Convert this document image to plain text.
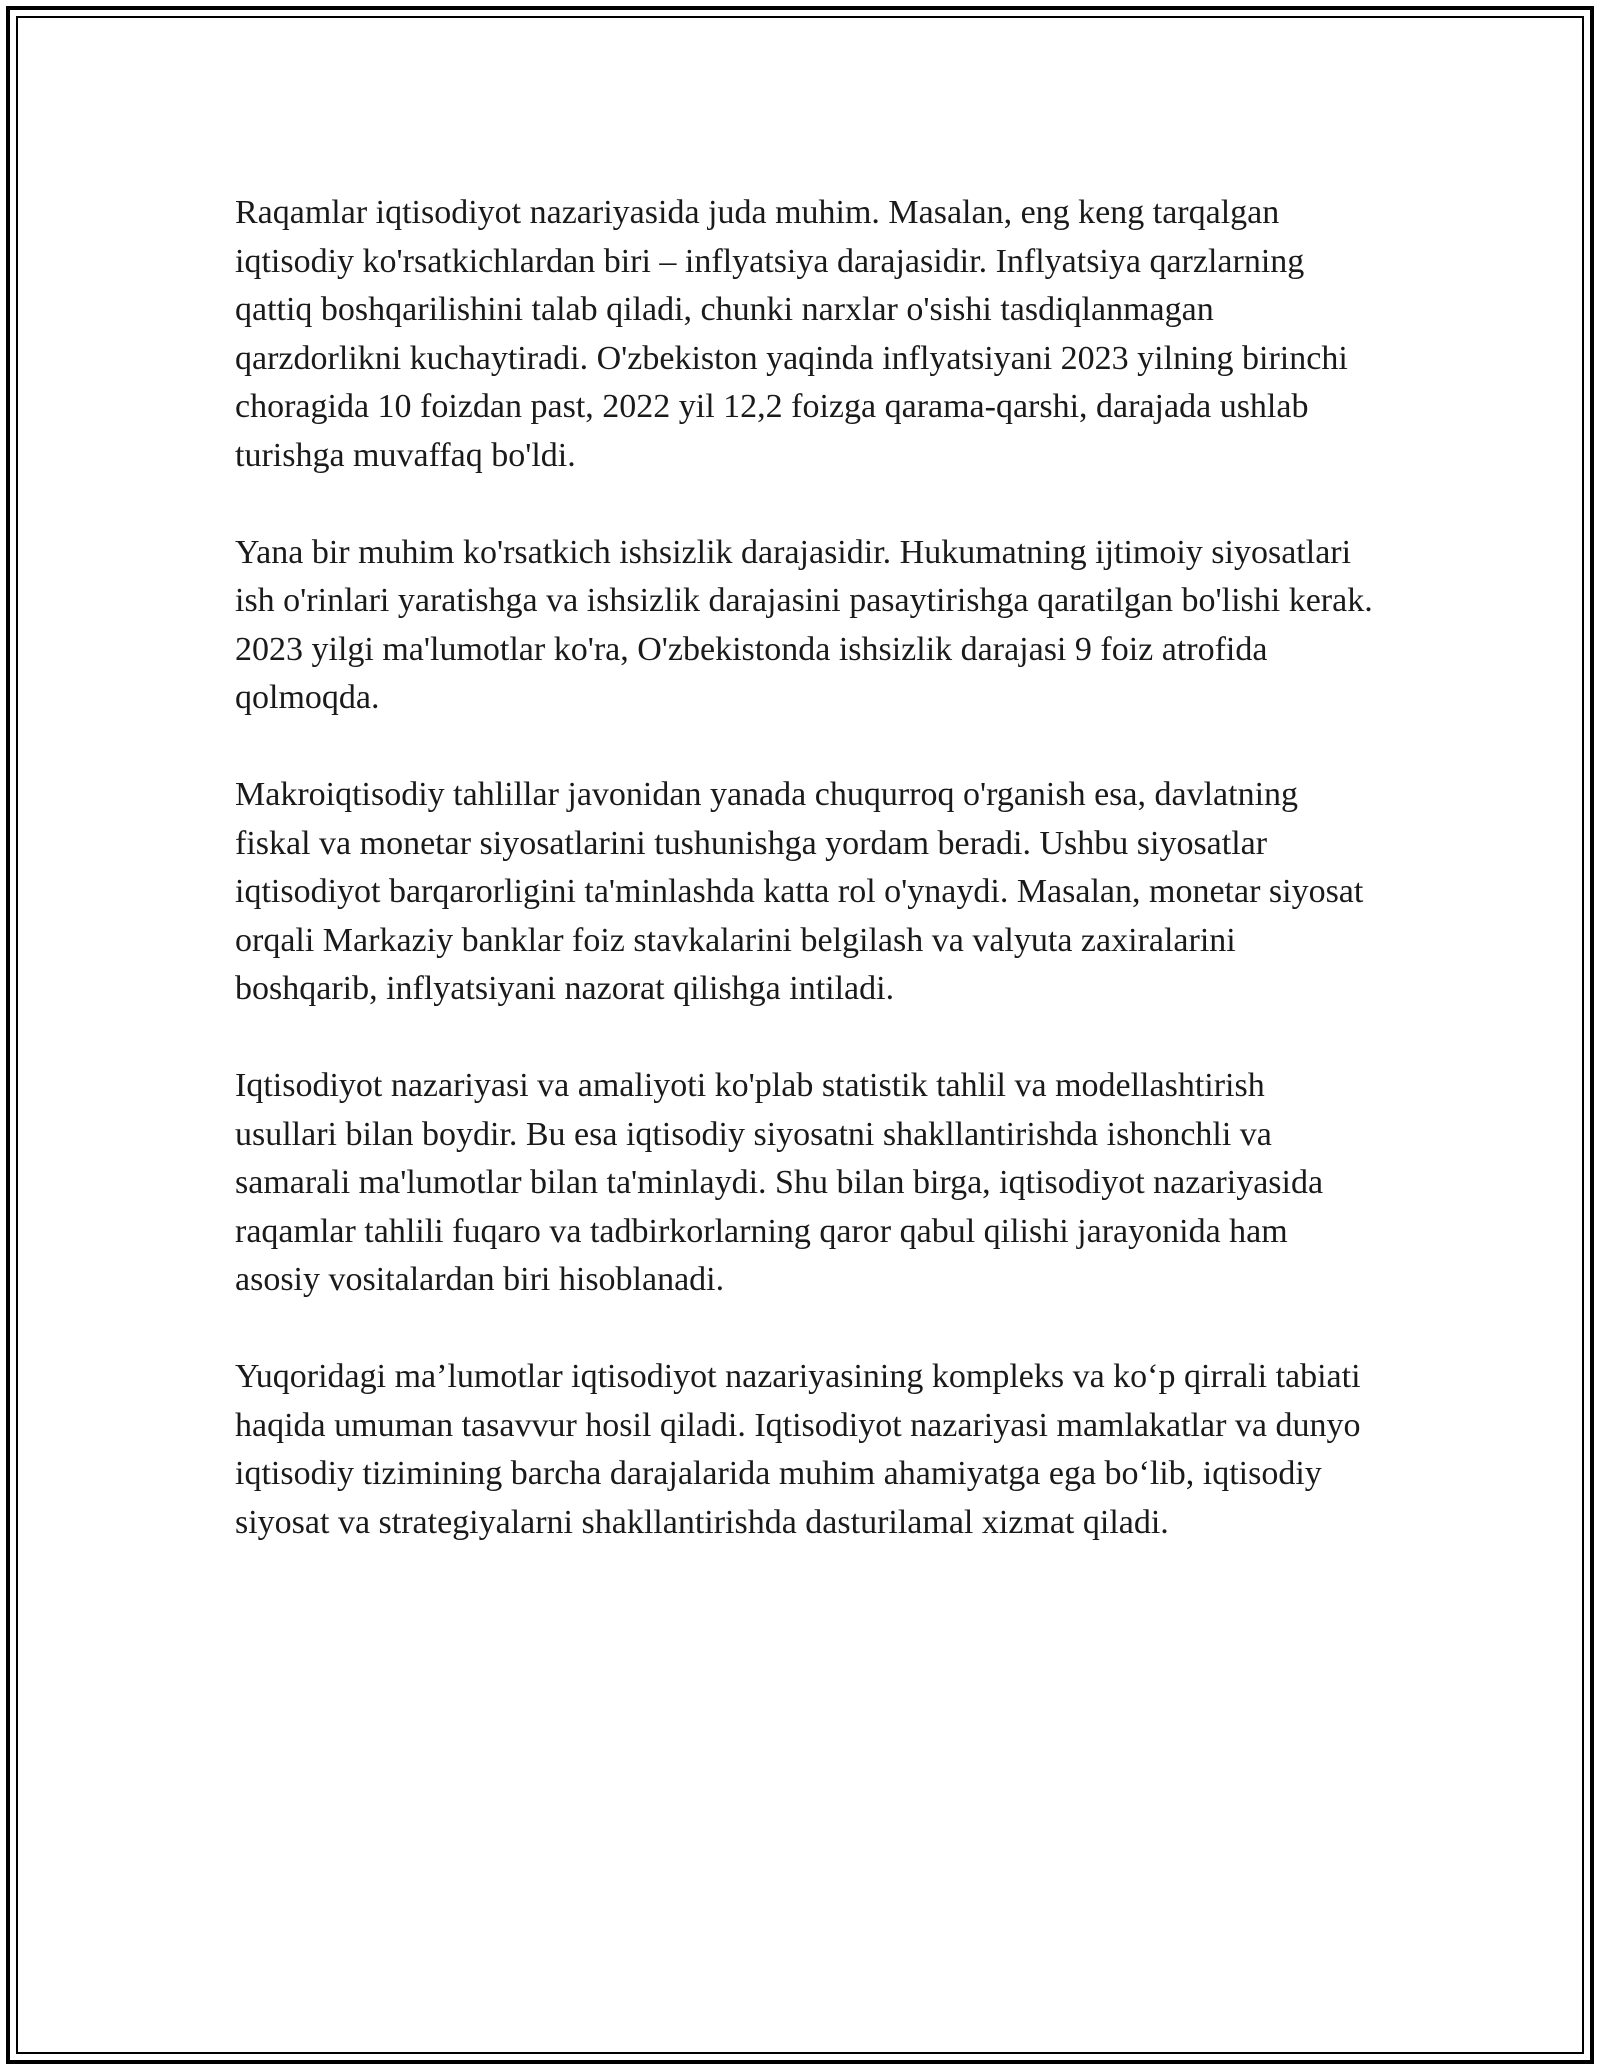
Raqamlar iqtisodiyot nazariyasida juda muhim. Masalan, eng keng tarqalgan iqtisodiy ko'rsatkichlardan biri – inflyatsiya darajasidir. Inflyatsiya qarzlarning qattiq boshqarilishini talab qiladi, chunki narxlar o'sishi tasdiqlanmagan qarzdorlikni kuchaytiradi. O'zbekiston yaqinda inflyatsiyani 2023 yilning birinchi choragida 10 foizdan past, 2022 yil 12,2 foizga qarama-qarshi, darajada ushlab turishga muvaffaq bo'ldi.

Yana bir muhim ko'rsatkich ishsizlik darajasidir. Hukumatning ijtimoiy siyosatlari ish o'rinlari yaratishga va ishsizlik darajasini pasaytirishga qaratilgan bo'lishi kerak. 2023 yilgi ma'lumotlar ko'ra, O'zbekistonda ishsizlik darajasi 9 foiz atrofida qolmoqda.

Makroiqtisodiy tahlillar javonidan yanada chuqurroq o'rganish esa, davlatning fiskal va monetar siyosatlarini tushunishga yordam beradi. Ushbu siyosatlar iqtisodiyot barqarorligini ta'minlashda katta rol o'ynaydi. Masalan, monetar siyosat orqali Markaziy banklar foiz stavkalarini belgilash va valyuta zaxiralarini boshqarib, inflyatsiyani nazorat qilishga intiladi.

Iqtisodiyot nazariyasi va amaliyoti ko'plab statistik tahlil va modellashtirish usullari bilan boydir. Bu esa iqtisodiy siyosatni shakllantirishda ishonchli va samarali ma'lumotlar bilan ta'minlaydi. Shu bilan birga, iqtisodiyot nazariyasida raqamlar tahlili fuqaro va tadbirkorlarning qaror qabul qilishi jarayonida ham asosiy vositalardan biri hisoblanadi.

Yuqoridagi ma’lumotlar iqtisodiyot nazariyasining kompleks va ko‘p qirrali tabiati haqida umuman tasavvur hosil qiladi. Iqtisodiyot nazariyasi mamlakatlar va dunyo iqtisodiy tizimining barcha darajalarida muhim ahamiyatga ega bo‘lib, iqtisodiy siyosat va strategiyalarni shakllantirishda dasturilamal xizmat qiladi.
